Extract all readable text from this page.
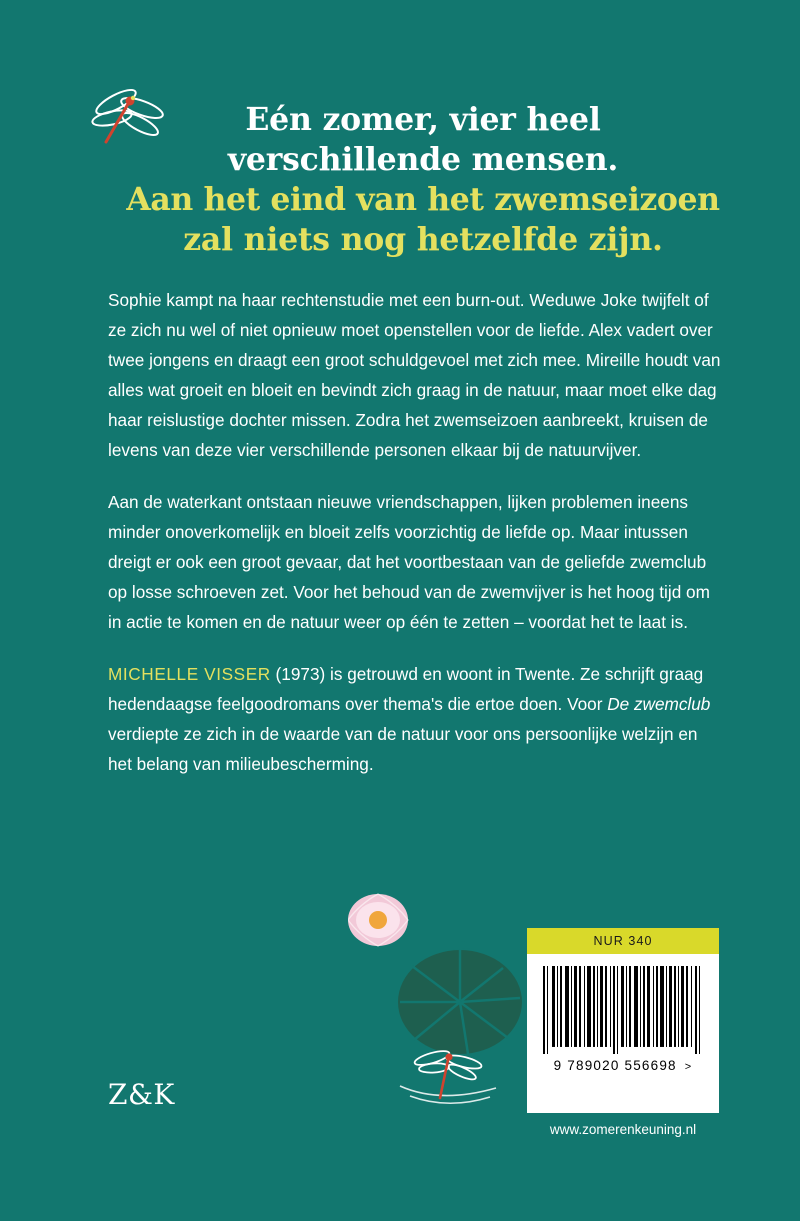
Eén zomer, vier heel
verschillende mensen.
Aan het eind van het zwemseizoen
zal niets nog hetzelfde zijn.

Sophie kampt na haar rechtenstudie met een burn-out. Weduwe Joke twijfelt of ze zich nu wel of niet opnieuw moet openstellen voor de liefde. Alex vadert over twee jongens en draagt een groot schuldgevoel met zich mee. Mireille houdt van alles wat groeit en bloeit en bevindt zich graag in de natuur, maar moet elke dag haar reislustige dochter missen. Zodra het zwemseizoen aanbreekt, kruisen de levens van deze vier verschillende personen elkaar bij de natuurvijver.

Aan de waterkant ontstaan nieuwe vriendschappen, lijken problemen ineens minder onoverkomelijk en bloeit zelfs voorzichtig de liefde op. Maar intussen dreigt er ook een groot gevaar, dat het voortbestaan van de geliefde zwemclub op losse schroeven zet. Voor het behoud van de zwemvijver is het hoog tijd om in actie te komen en de natuur weer op één te zetten – voordat het te laat is.

MICHELLE VISSER (1973) is getrouwd en woont in Twente. Ze schrijft graag hedendaagse feelgoodromans over thema's die ertoe doen. Voor De zwemclub verdiepte ze zich in de waarde van de natuur voor ons persoonlijke welzijn en het belang van milieubescherming.

NUR 340
9 789020 556698 >
www.zomerenkeuning.nl
Z&K
